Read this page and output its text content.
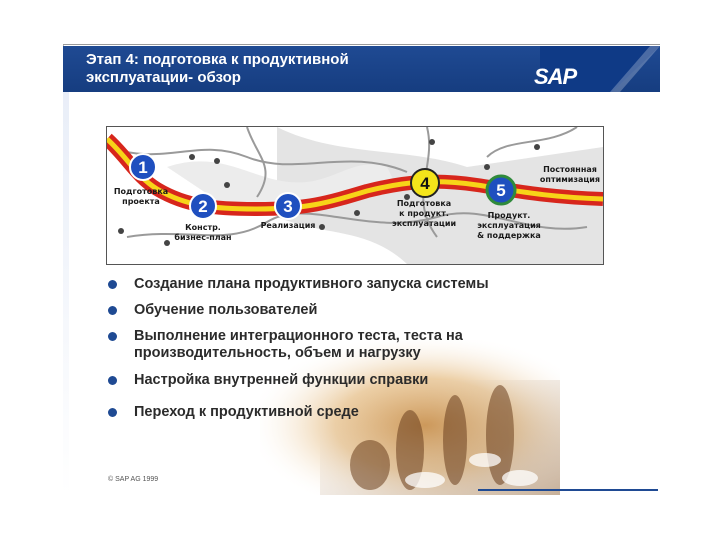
Этап 4: подготовка к продуктивной
эксплуатации- обзор	SAP
1
2	3
4	5
Подготовка
проекта
Констр.
бизнес-план
Реализация
Подготовка
к продукт.
эксплуатации
Продукт.
эксплуатация
& поддержка
Постоянная
оптимизация
Создание плана продуктивного запуска системы
Обучение пользователей
Выполнение интеграционного теста, теста на производительность, объем и нагрузку
Настройка внутренней функции справки
Переход к продуктивной среде
© SAP AG 1999
